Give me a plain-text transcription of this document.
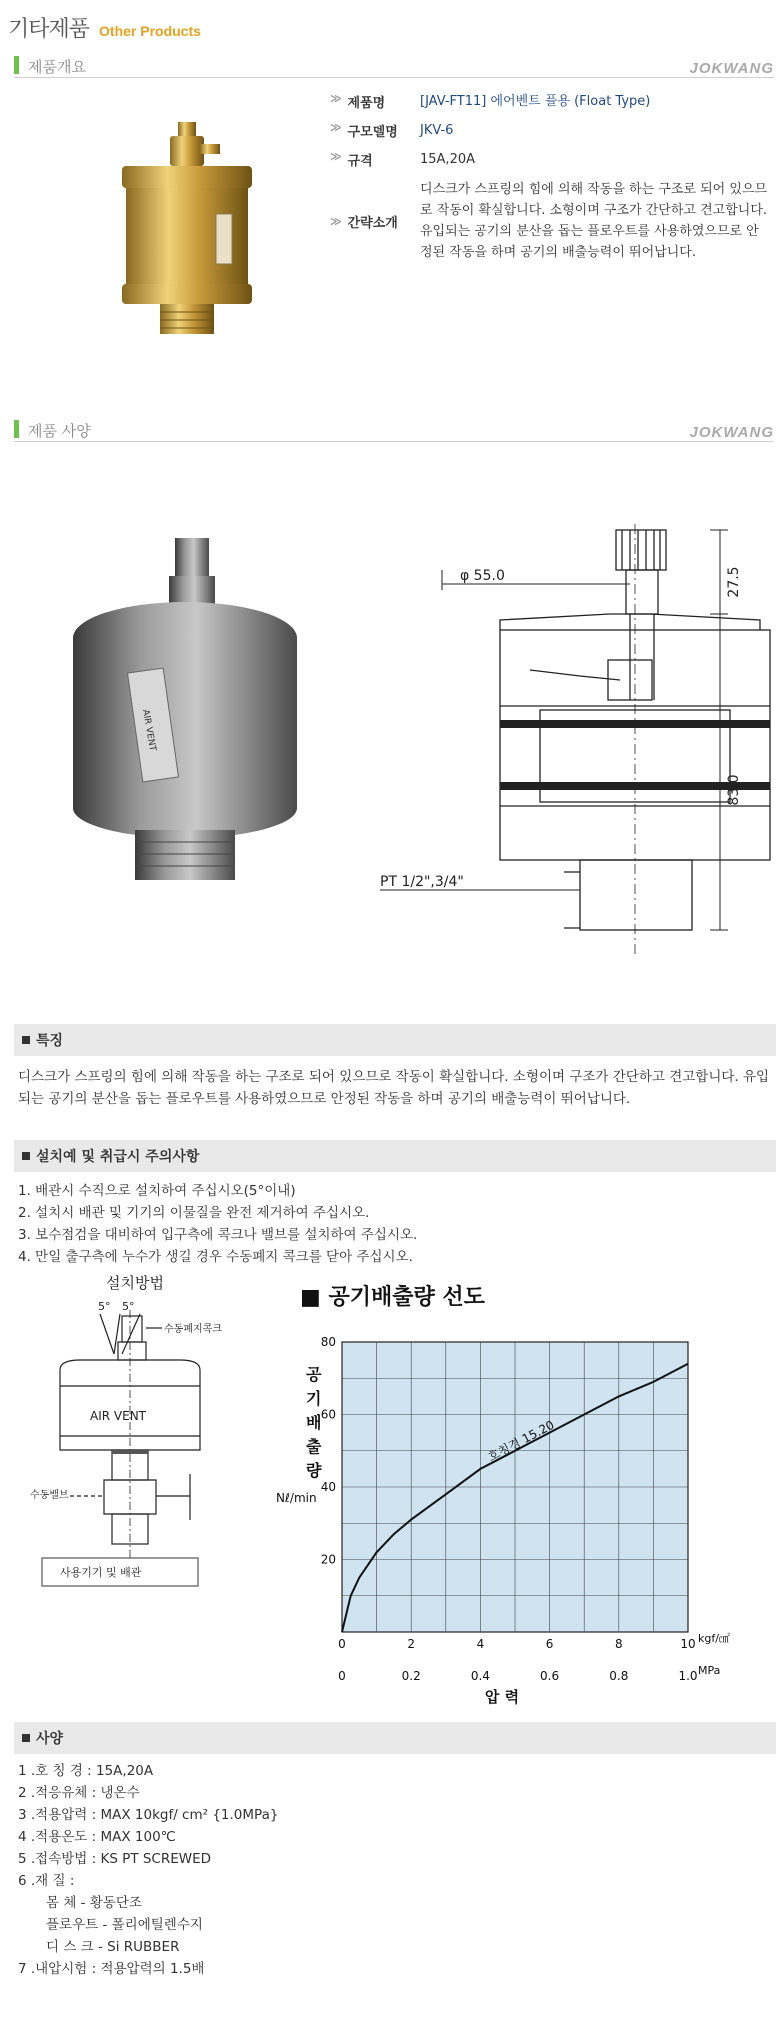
기타제품 Other Products
제품개요	JOKWANG
≫ 제품명	[JAV-FT11] 에어벤트 플용 (Float Type)
≫ 구모델명 JKV-6
≫ 규격	15A,20A
≫ 간략소개
디스크가 스프링의 힘에 의해 작동을 하는 구조로 되어 있으므로 작동이 확실합니다. 소형이며 구조가 간단하고 견고합니다. 유입되는 공기의 분산을 돕는 플로우트를 사용하였으므로 안정된 작동을 하며 공기의 배출능력이 뛰어납니다.
제품 사양	JOKWANG
AIR VENT
φ 55.0	27.5
83.0
PT 1/2",3/4"
특징
디스크가 스프링의 힘에 의해 작동을 하는 구조로 되어 있으므로 작동이 확실합니다. 소형이며 구조가 간단하고 견고합니다. 유입되는 공기의 분산을 돕는 플로우트를 사용하였으므로 안정된 작동을 하며 공기의 배출능력이 뛰어납니다.
설치예 및 취급시 주의사항
1. 배관시 수직으로 설치하여 주십시오(5°이내)
2. 설치시 배관 및 기기의 이물질을 완전 제거하여 주십시오.
3. 보수점검을 대비하여 입구측에 콕크나 밸브를 설치하여 주십시오.
4. 만일 출구측에 누수가 생길 경우 수동폐지 콕크를 닫아 주십시오.
설치방법
5° 5°
수동폐지콕크
AIR VENT
수동밸브
사용기기 및 배관
■ 공기배출량 선도
0	2	4	6	8	10
0	0.2	0.4	0.6	0.8	1.0
20
40
60
80
호칭경 15.20
공 기 배 출 량
Nℓ/min
kgf/㎠
MPa
압 력
사양
1 .호 칭 경 : 15A,20A
2 .적응유체 : 냉온수
3 .적용압력 : MAX 10kgf/ cm² {1.0MPa}
4 .적용온도 : MAX 100℃
5 .접속방법 : KS PT SCREWED
6 .재 질 :
몸 체 - 황동단조
플로우트 - 폴리에틸렌수지
디 스 크 - Si RUBBER
7 .내압시험 : 적용압력의 1.5배
